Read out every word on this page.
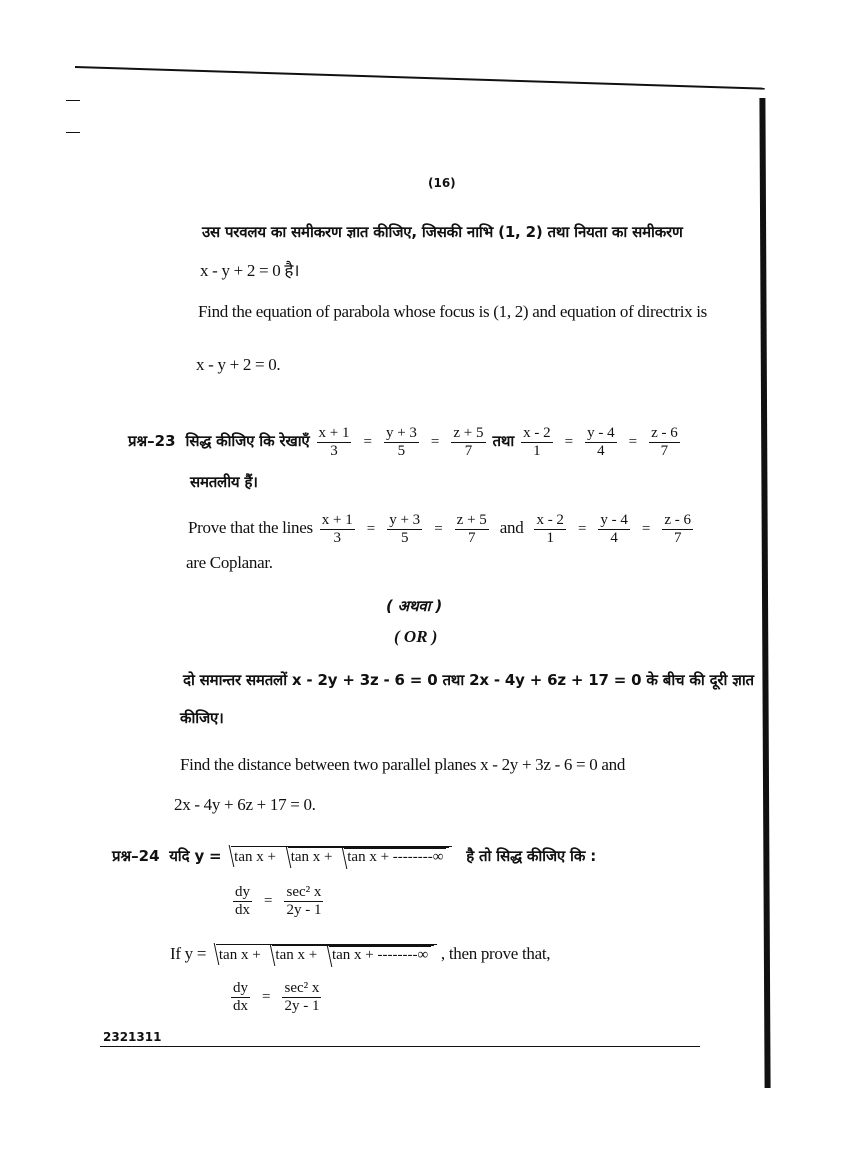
(16)
उस परवलय का समीकरण ज्ञात कीजिए, जिसकी नाभि (1, 2) तथा नियता का समीकरण
x - y + 2 = 0 है।
Find the equation of parabola whose focus is (1, 2) and equation of directrix is
x - y + 2 = 0.
प्रश्न–23 सिद्ध कीजिए कि रेखाएँ $\frac{x + 1}{3} = \frac{y + 3}{5} = \frac{z + 5}{7}$ तथा $\frac{x - 2}{1} = \frac{y - 4}{4} = \frac{z - 6}{7}$
समतलीय हैं।
Prove that the lines $\frac{x + 1}{3} = \frac{y + 3}{5} = \frac{z + 5}{7}$ and $\frac{x - 2}{1} = \frac{y - 4}{4} = \frac{z - 6}{7}$
are Coplanar.
( अथवा )
( OR )
दो समान्तर समतलों x - 2y + 3z - 6 = 0 तथा 2x - 4y + 6z + 17 = 0 के बीच की दूरी ज्ञात
कीजिए।
Find the distance between two parallel planes x - 2y + 3z - 6 = 0 and
2x - 4y + 6z + 17 = 0.
प्रश्न–24 यदि y = tan x + tan x + tan x + --------∞ है तो सिद्ध कीजिए कि :
$\frac{dy}{dx} = \frac{\text{sec² x}}{2y - 1}$
If y = tan x + tan x + tan x + --------∞ , then prove that,
$\frac{dy}{dx} = \frac{\text{sec² x}}{2y - 1}$
2321311
